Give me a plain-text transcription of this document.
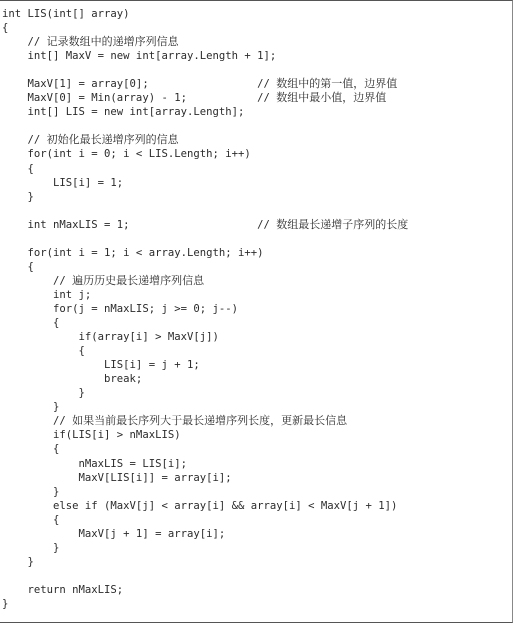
int LIS(int[] array)
{
// 记录数组中的递增序列信息
int[] MaxV = new int[array.Length + 1];

MaxV[1] = array[0];	// 数组中的第一值，边界值
MaxV[0] = Min(array) - 1;	// 数组中最小值，边界值
int[] LIS = new int[array.Length];

// 初始化最长递增序列的信息
for(int i = 0; i < LIS.Length; i++)
{
LIS[i] = 1;
}

int nMaxLIS = 1;	// 数组最长递增子序列的长度

for(int i = 1; i < array.Length; i++)
{
// 遍历历史最长递增序列信息
int j;
for(j = nMaxLIS; j >= 0; j--)
{
if(array[i] > MaxV[j])
{
LIS[i] = j + 1;
break;
}
}
// 如果当前最长序列大于最长递增序列长度，更新最长信息
if(LIS[i] > nMaxLIS)
{
nMaxLIS = LIS[i];
MaxV[LIS[i]] = array[i];
}
else if (MaxV[j] < array[i] && array[i] < MaxV[j + 1])
{
MaxV[j + 1] = array[i];
}
}

return nMaxLIS;
}
